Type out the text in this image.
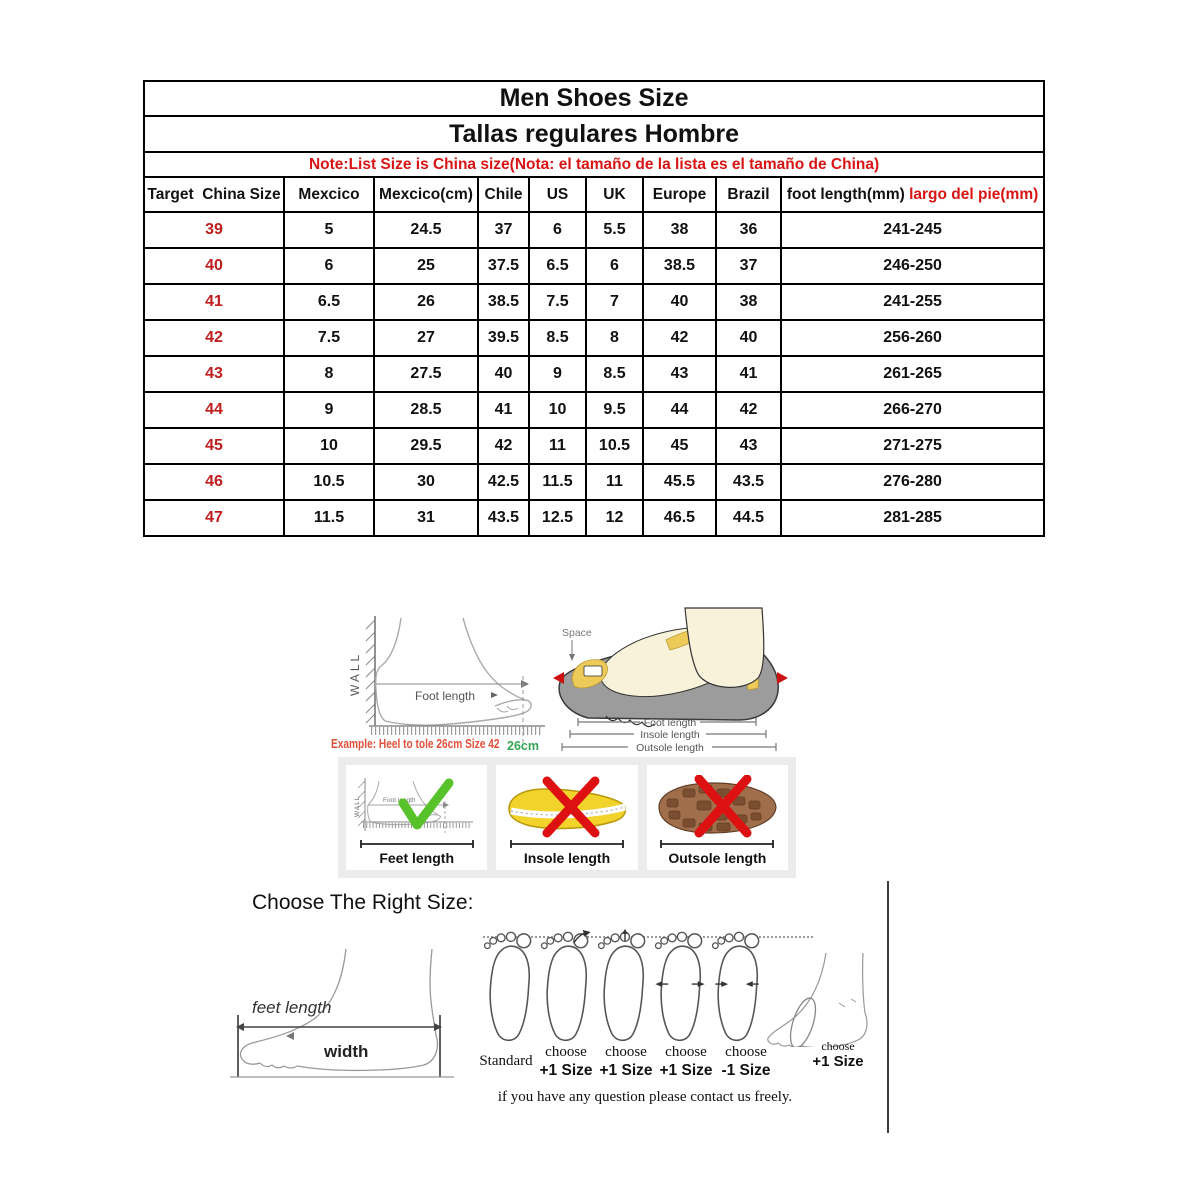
Men Shoes Size								
Tallas regulares Hombre								
Note:List Size is China size(Nota: el tamaño de la lista es el tamaño de China)								
Target  China Size	Mexcico	Mexcico(cm)	Chile	US	UK	Europe	Brazil	foot length(mm) largo del pie(mm)
39	5	24.5	37	6	5.5	38	36	241-245
40	6	25	37.5	6.5	6	38.5	37	246-250
41	6.5	26	38.5	7.5	7	40	38	241-255
42	7.5	27	39.5	8.5	8	42	40	256-260
43	8	27.5	40	9	8.5	43	41	261-265
44	9	28.5	41	10	9.5	44	42	266-270
45	10	29.5	42	11	10.5	45	43	271-275
46	10.5	30	42.5	11.5	11	45.5	43.5	276-280
47	11.5	31	43.5	12.5	12	46.5	44.5	281-285
WALL	Foot length
Example: Heel to tole 26cm Size 42 26cm
Space
Foot length
Insole length
Outsole length
WALL	Foot length
Feet length	Insole length	Outsole length
Choose The Right Size:
feet length
width	Standard
choose
+1 Size
choose
+1 Size
choose
+1 Size
choose
-1 Size
choose
+1 Size
if you have any question please contact us freely.
